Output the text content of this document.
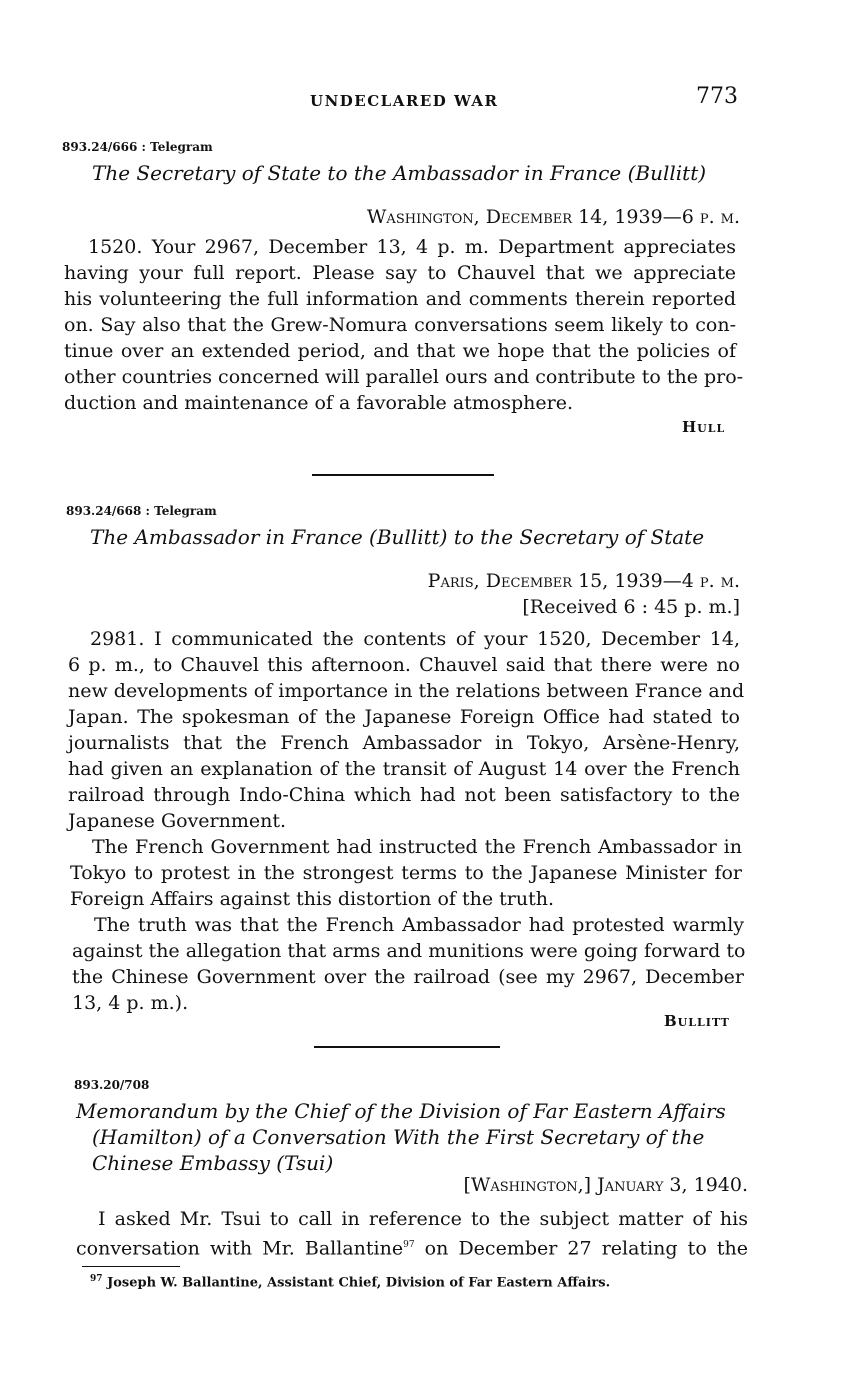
UNDECLARED WAR	773
893.24/666 : Telegram
The Secretary of State to the Ambassador in France (Bullitt)
Washington, December 14, 1939—6 p. m.
1520. Your 2967, December 13, 4 p. m. Department appreciates
having your full report. Please say to Chauvel that we appreciate
his volunteering the full information and comments therein reported
on. Say also that the Grew-Nomura conversations seem likely to con-
tinue over an extended period, and that we hope that the policies of
other countries concerned will parallel ours and contribute to the pro-
duction and maintenance of a favorable atmosphere.
Hull
893.24/668 : Telegram
The Ambassador in France (Bullitt) to the Secretary of State
Paris, December 15, 1939—4 p. m.
[Received 6 : 45 p. m.]
2981. I communicated the contents of your 1520, December 14,
6 p. m., to Chauvel this afternoon. Chauvel said that there were no
new developments of importance in the relations between France and
Japan. The spokesman of the Japanese Foreign Office had stated to
journalists that the French Ambassador in Tokyo, Arsène-Henry,
had given an explanation of the transit of August 14 over the French
railroad through Indo-China which had not been satisfactory to the
Japanese Government.
The French Government had instructed the French Ambassador in
Tokyo to protest in the strongest terms to the Japanese Minister for
Foreign Affairs against this distortion of the truth.
The truth was that the French Ambassador had protested warmly
against the allegation that arms and munitions were going forward to
the Chinese Government over the railroad (see my 2967, December
13, 4 p. m.).
Bullitt
893.20/708
Memorandum by the Chief of the Division of Far Eastern Affairs
(Hamilton) of a Conversation With the First Secretary of the
Chinese Embassy (Tsui)
[Washington,] January 3, 1940.
I asked Mr. Tsui to call in reference to the subject matter of his
conversation with Mr. Ballantine$^{97}$ on December 27 relating to the
$^{97}$ Joseph W. Ballantine, Assistant Chief, Division of Far Eastern Affairs.
